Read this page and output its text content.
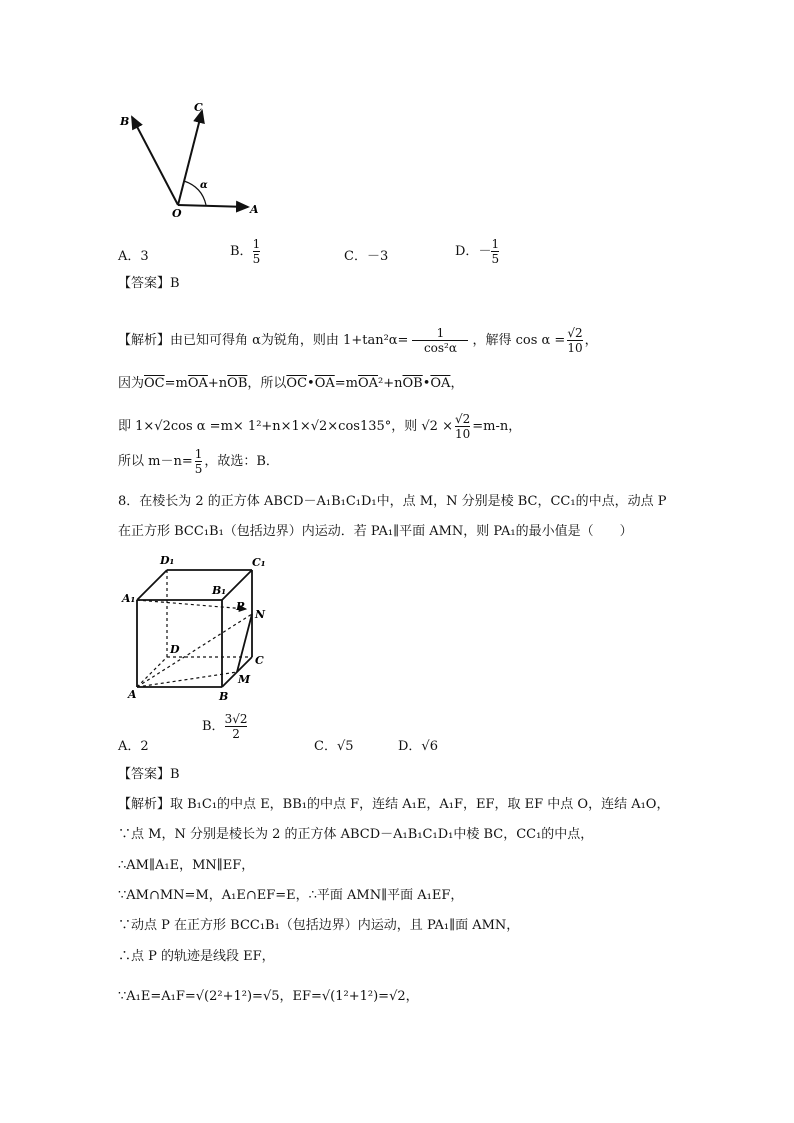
B
C
α
O	A
A．3	B． $\frac{1}{5}$	C．－3	D．－ $\frac{1}{5}$
【答案】B
【解析】由已知可得角 α为锐角，则由 $1+\tan^2\alpha= \frac{1}{\text{cos²α}}$ ，解得 $\cos \alpha = \frac{√2}{10}$ ，
因为$\overline{OC}=m\overline{OA}+n\overline{OB}$，所以$\overline{OC}•\overline{OA}=m\overline{OA}^2+n\overline{OB}•\overline{OA}$，
即 1×√2cos α =m× 1²+n×1×√2×cos135°，则 $√2 \times \frac{√2}{10} =m-n$，
所以 $m-n= \frac{1}{5}$ ，故选：B．
8．在棱长为 2 的正方体 ABCD－A₁B₁C₁D₁中，点 M，N 分别是棱 BC，CC₁的中点，动点 P
在正方形 BCC₁B₁（包括边界）内运动．若 PA₁∥平面 AMN，则 PA₁的最小值是（　　）
D₁	C₁
A₁
B₁
P
N
D
C
A	B
M
A．2
B． $\frac{3√2}{2}$
C．√5	D．√6
【答案】B
【解析】取 B₁C₁的中点 E，BB₁的中点 F，连结 A₁E，A₁F，EF，取 EF 中点 O，连结 A₁O，
∵点 M，N 分别是棱长为 2 的正方体 ABCD－A₁B₁C₁D₁中棱 BC，CC₁的中点，
∴AM∥A₁E，MN∥EF，
∵AM∩MN=M，A₁E∩EF=E，∴平面 AMN∥平面 A₁EF，
∵动点 P 在正方形 BCC₁B₁（包括边界）内运动，且 PA₁∥面 AMN，
∴点 P 的轨迹是线段 EF，
∵A₁E=A₁F=√(2²+1²)=√5，EF=√(1²+1²)=√2，
